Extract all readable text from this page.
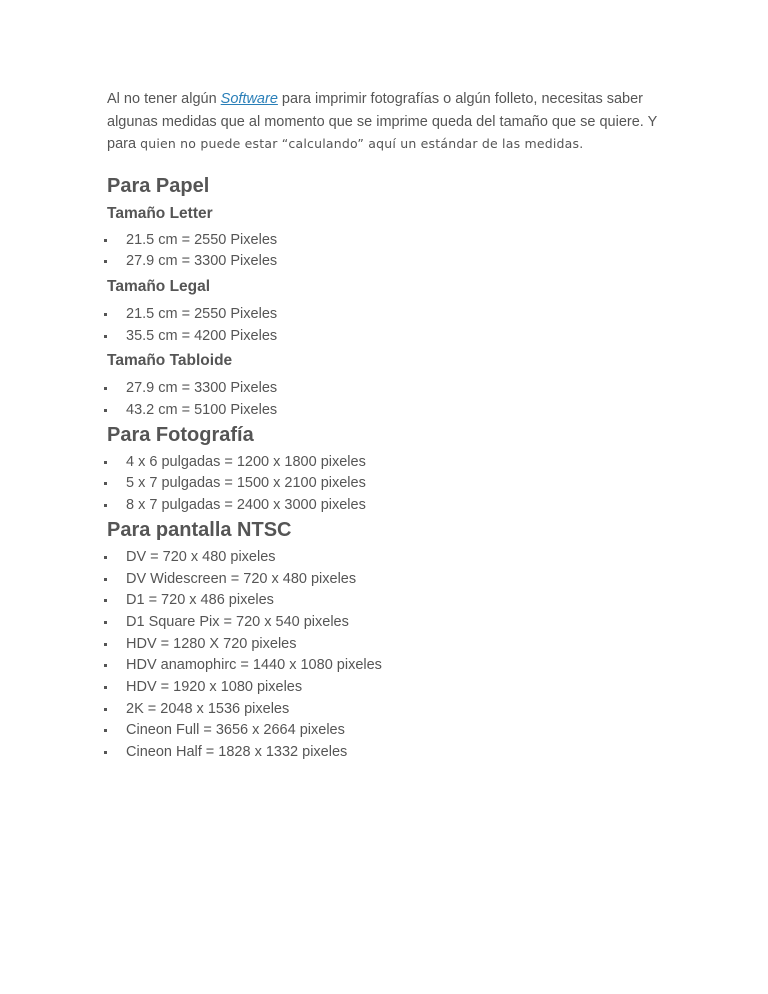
Al no tener algún Software para imprimir fotografías o algún folleto, necesitas saber algunas medidas que al momento que se imprime queda del tamaño que se quiere. Y para quien no puede estar “calculando” aquí un estándar de las medidas.

Para Papel
Tamaño Letter
21.5 cm = 2550 Pixeles
27.9 cm = 3300 Pixeles
Tamaño Legal
21.5 cm = 2550 Pixeles
35.5 cm = 4200 Pixeles
Tamaño Tabloide
27.9 cm = 3300 Pixeles
43.2 cm = 5100 Pixeles
Para Fotografía
4 x 6 pulgadas = 1200 x 1800 pixeles
5 x 7 pulgadas = 1500 x 2100 pixeles
8 x 7 pulgadas = 2400 x 3000 pixeles
Para pantalla NTSC
DV = 720 x 480 pixeles
DV Widescreen = 720 x 480 pixeles
D1 = 720 x 486 pixeles
D1 Square Pix = 720 x 540 pixeles
HDV = 1280 X 720 pixeles
HDV anamophirc = 1440 x 1080 pixeles
HDV = 1920 x 1080 pixeles
2K = 2048 x 1536 pixeles
Cineon Full = 3656 x 2664 pixeles
Cineon Half = 1828 x 1332 pixeles
